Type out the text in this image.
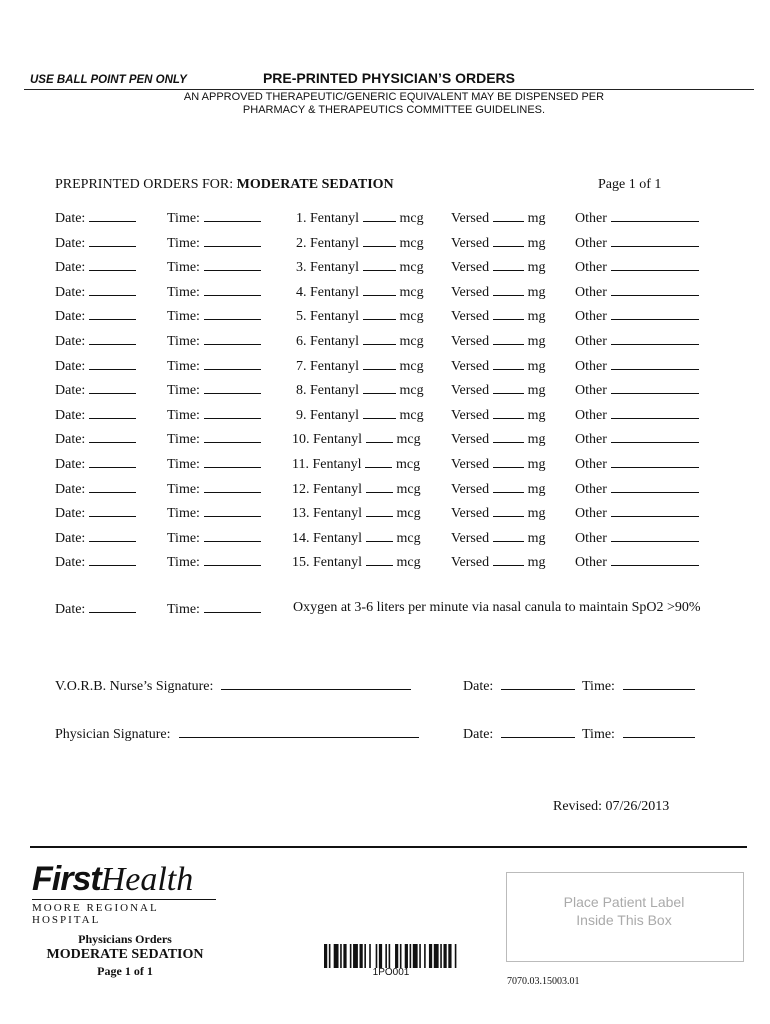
USE BALL POINT PEN ONLY	PRE-PRINTED PHYSICIAN’S ORDERS
AN APPROVED THERAPEUTIC/GENERIC EQUIVALENT MAY BE DISPENSED PER
PHARMACY & THERAPEUTICS COMMITTEE GUIDELINES.
PREPRINTED ORDERS FOR: MODERATE SEDATION	Page 1 of 1
Date:	Time:	1. Fentanyl	mcg Versed	mg Other
Date:	Time:	2. Fentanyl	mcg Versed	mg Other
Date:	Time:	3. Fentanyl	mcg Versed	mg Other
Date:	Time:	4. Fentanyl	mcg Versed	mg Other
Date:	Time:	5. Fentanyl	mcg Versed	mg Other
Date:	Time:	6. Fentanyl	mcg Versed	mg Other
Date:	Time:	7. Fentanyl	mcg Versed	mg Other
Date:	Time:	8. Fentanyl	mcg Versed	mg Other
Date:	Time:	9. Fentanyl	mcg Versed	mg Other
Date:	Time:	10. Fentanyl mcg Versed	mg Other
Date:	Time:	11. Fentanyl mcg Versed	mg Other
Date:	Time:	12. Fentanyl mcg Versed	mg Other
Date:	Time:	13. Fentanyl mcg Versed	mg Other
Date:	Time:	14. Fentanyl mcg Versed	mg Other
Date:	Time:	15. Fentanyl mcg Versed	mg Other
Date:	Time:	Oxygen at 3-6 liters per minute via nasal canula to maintain SpO2 >90%
V.O.R.B. Nurse’s Signature:	Date:	Time:
Physician Signature:	Date:	Time:
Revised: 07/26/2013
FirstHealth
MOORE REGIONAL HOSPITAL
Physicians Orders
MODERATE SEDATION
Page 1 of 1	1PO001
Place Patient Label
Inside This Box
7070.03.15003.01
